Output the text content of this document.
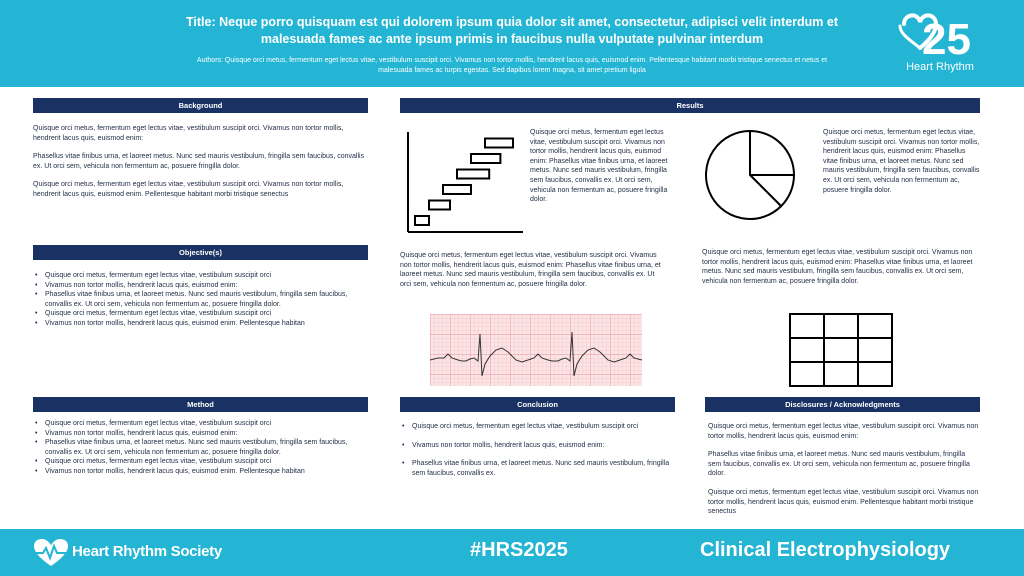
Title: Neque porro quisquam est qui dolorem ipsum quia dolor sit amet, consectetur, adipisci velit interdum et malesuada fames ac ante ipsum primis in faucibus nulla vulputate pulvinar interdum
Authors: Quisque orci metus, fermentum eget lectus vitae, vestibulum suscipit orci. Vivamus non tortor mollis, hendrerit lacus quis, euismod enim. Pellentesque habitant morbi tristique senectus et netus et malesuada fames ac turpis egestas. Sed dapibus lorem magna, sit amet pretium ligula
25
Heart Rhythm
Background

Quisque orci metus, fermentum eget lectus vitae, vestibulum suscipit orci. Vivamus non tortor mollis, hendrerit lacus quis, euismod enim:

Phasellus vitae finibus urna, et laoreet metus. Nunc sed mauris vestibulum, fringilla sem faucibus, convallis ex. Ut orci sem, vehicula non fermentum ac, posuere fringilla dolor.

Quisque orci metus, fermentum eget lectus vitae, vestibulum suscipit orci. Vivamus non tortor mollis, hendrerit lacus quis, euismod enim. Pellentesque habitant morbi tristique senectus

Objective(s)
• Quisque orci metus, fermentum eget lectus vitae, vestibulum suscipit orci
• Vivamus non tortor mollis, hendrerit lacus quis, euismod enim:
• Phasellus vitae finibus urna, et laoreet metus. Nunc sed mauris vestibulum, fringilla sem faucibus, convallis ex. Ut orci sem, vehicula non fermentum ac, posuere fringilla dolor.
• Quisque orci metus, fermentum eget lectus vitae, vestibulum suscipit orci
• Vivamus non tortor mollis, hendrerit lacus quis, euismod enim. Pellentesque habitan
Method
• Quisque orci metus, fermentum eget lectus vitae, vestibulum suscipit orci
• Vivamus non tortor mollis, hendrerit lacus quis, euismod enim:
• Phasellus vitae finibus urna, et laoreet metus. Nunc sed mauris vestibulum, fringilla sem faucibus, convallis ex. Ut orci sem, vehicula non fermentum ac, posuere fringilla dolor.
• Quisque orci metus, fermentum eget lectus vitae, vestibulum suscipit orci
• Vivamus non tortor mollis, hendrerit lacus quis, euismod enim. Pellentesque habitan
Results
Quisque orci metus, fermentum eget lectus vitae, vestibulum suscipit orci. Vivamus non tortor mollis, hendrerit lacus quis, euismod enim: Phasellus vitae finibus urna, et laoreet metus. Nunc sed mauris vestibulum, fringilla sem faucibus, convallis ex. Ut orci sem, vehicula non fermentum ac, posuere fringilla dolor.
Quisque orci metus, fermentum eget lectus vitae, vestibulum suscipit orci. Vivamus non tortor mollis, hendrerit lacus quis, euismod enim: Phasellus vitae finibus urna, et laoreet metus. Nunc sed mauris vestibulum, fringilla sem faucibus, convallis ex. Ut orci sem, vehicula non fermentum ac, posuere fringilla dolor.
Quisque orci metus, fermentum eget lectus vitae, vestibulum suscipit orci. Vivamus non tortor mollis, hendrerit lacus quis, euismod enim: Phasellus vitae finibus urna, et laoreet metus. Nunc sed mauris vestibulum, fringilla sem faucibus, convallis ex. Ut orci sem, vehicula non fermentum ac, posuere fringilla dolor.
Quisque orci metus, fermentum eget lectus vitae, vestibulum suscipit orci. Vivamus non tortor mollis, hendrerit lacus quis, euismod enim: Phasellus vitae finibus urna, et laoreet metus. Nunc sed mauris vestibulum, fringilla sem faucibus, convallis ex. Ut orci sem, vehicula non fermentum ac, posuere fringilla dolor.
Conclusion
• Quisque orci metus, fermentum eget lectus vitae, vestibulum suscipit orci
• Vivamus non tortor mollis, hendrerit lacus quis, euismod enim:
• Phasellus vitae finibus urna, et laoreet metus. Nunc sed mauris vestibulum, fringilla sem faucibus, convallis ex.
Disclosures / Acknowledgments

Quisque orci metus, fermentum eget lectus vitae, vestibulum suscipit orci. Vivamus non tortor mollis, hendrerit lacus quis, euismod enim:

Phasellus vitae finibus urna, et laoreet metus. Nunc sed mauris vestibulum, fringilla sem faucibus, convallis ex. Ut orci sem, vehicula non fermentum ac, posuere fringilla dolor.

Quisque orci metus, fermentum eget lectus vitae, vestibulum suscipit orci. Vivamus non tortor mollis, hendrerit lacus quis, euismod enim. Pellentesque habitant morbi tristique senectus

Heart Rhythm Society	#HRS2025	Clinical Electrophysiology
